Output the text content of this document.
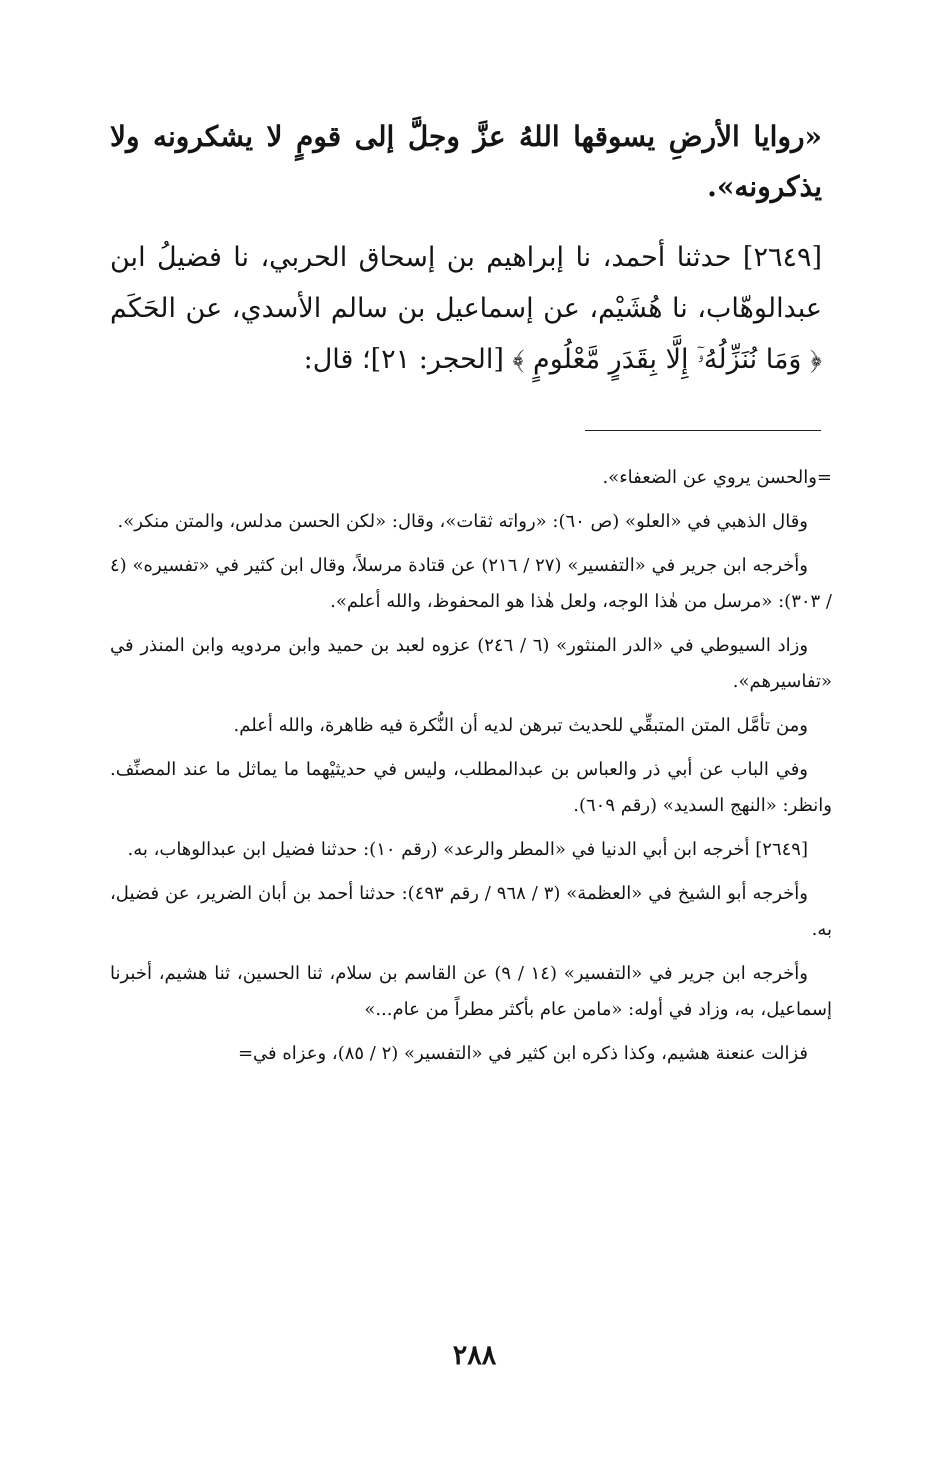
«روايا الأرضِ يسوقها اللهُ عزَّ وجلَّ إلى قومٍ لا يشكرونه ولا يذكرونه».

[٢٦٤٩] حدثنا أحمد، نا إبراهيم بن إسحاق الحربي، نا فضيلُ ابن عبدالوهّاب، نا هُشَيْم، عن إسماعيل بن سالم الأسدي، عن الحَكَم ﴿ وَمَا نُنَزِّلُهُۥٓ إِلَّا بِقَدَرٍ مَّعْلُومٍ ﴾ [الحجر: ٢١]؛ قال:

=والحسن يروي عن الضعفاء».

وقال الذهبي في «العلو» (ص ٦٠): «رواته ثقات»، وقال: «لكن الحسن مدلس، والمتن منكر».

وأخرجه ابن جرير في «التفسير» (٢٧ / ٢١٦) عن قتادة مرسلاً، وقال ابن كثير في «تفسيره» (٤ / ٣٠٣): «مرسل من هٰذا الوجه، ولعل هٰذا هو المحفوظ، والله أعلم».

وزاد السيوطي في «الدر المنثور» (٦ / ٢٤٦) عزوه لعبد بن حميد وابن مردويه وابن المنذر في «تفاسيرهم».

ومن تأمَّل المتن المتبقِّي للحديث تبرهن لديه أن النُّكرة فيه ظاهرة، والله أعلم.

وفي الباب عن أبي ذر والعباس بن عبدالمطلب، وليس في حديثيْهما ما يماثل ما عند المصنِّف. وانظر: «النهج السديد» (رقم ٦٠٩).

[٢٦٤٩] أخرجه ابن أبي الدنيا في «المطر والرعد» (رقم ١٠): حدثنا فضيل ابن عبدالوهاب، به.

وأخرجه أبو الشيخ في «العظمة» (٣ / ٩٦٨ / رقم ٤٩٣): حدثنا أحمد بن أبان الضرير، عن فضيل، به.

وأخرجه ابن جرير في «التفسير» (١٤ / ٩) عن القاسم بن سلام، ثنا الحسين، ثنا هشيم، أخبرنا إسماعيل، به، وزاد في أوله: «مامن عام بأكثر مطراً من عام...»

فزالت عنعنة هشيم، وكذا ذكره ابن كثير في «التفسير» (٢ / ٨٥)، وعزاه في=

٢٨٨
